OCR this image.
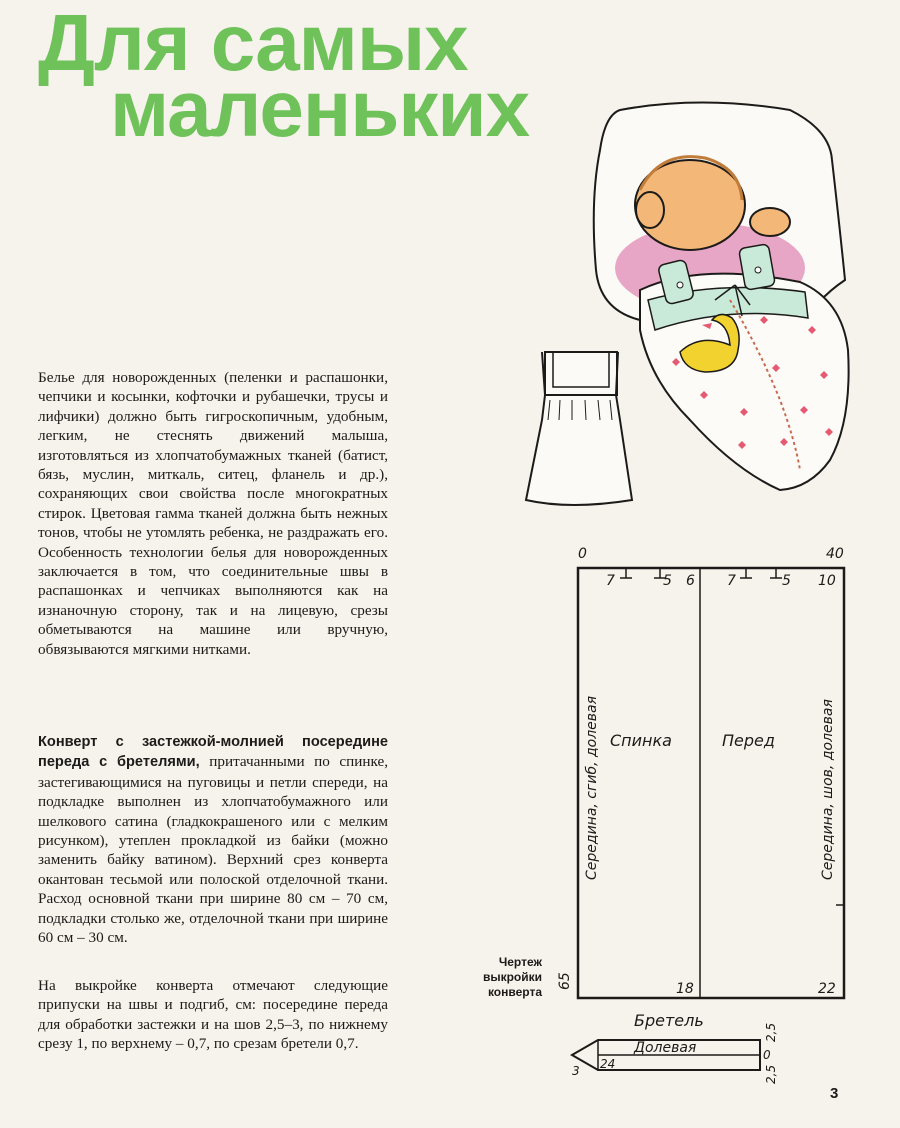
Для самых
маленьких
0	40
7	5 6 7	5 10
Спинка	Перед
Середина, сгиб, долевая	Середина, шов, долевая
65	18	22
Бретель
Долевая
3 24
0
2,5
2,5

Белье для новорожденных (пеленки и распашонки, чепчики и косынки, кофточки и рубашечки, трусы и лифчики) должно быть гигроскопичным, удобным, легким, не стеснять движений малыша, изготовляться из хлопчатобумажных тканей (батист, бязь, муслин, миткаль, ситец, фланель и др.), сохраняющих свои свойства после многократных стирок. Цветовая гамма тканей должна быть нежных тонов, чтобы не утомлять ребенка, не раздражать его. Особенность технологии белья для новорожденных заключается в том, что соединительные швы в распашонках и чепчиках выполняются как на изнаночную сторону, так и на лицевую, срезы обметываются на машине или вручную, обвязываются мягкими нитками.

Конверт с застежкой-молнией посередине переда с бретелями, притачанными по спинке, застегивающимися на пуговицы и петли спереди, на подкладке выполнен из хлопчатобумажного или шелкового сатина (гладкокрашеного или с мелким рисунком), утеплен прокладкой из байки (можно заменить байку ватином). Верхний срез конверта окантован тесьмой или полоской отделочной ткани. Расход основной ткани при ширине 80 см – 70 см, подкладки столько же, отделочной ткани при ширине 60 см – 30 см.

На выкройке конверта отмечают следующие припуски на швы и подгиб, см: посередине переда для обработки застежки и на шов 2,5–3, по нижнему срезу 1, по верхнему – 0,7, по срезам бретели 0,7.

Чертеж выкройки конверта
3
